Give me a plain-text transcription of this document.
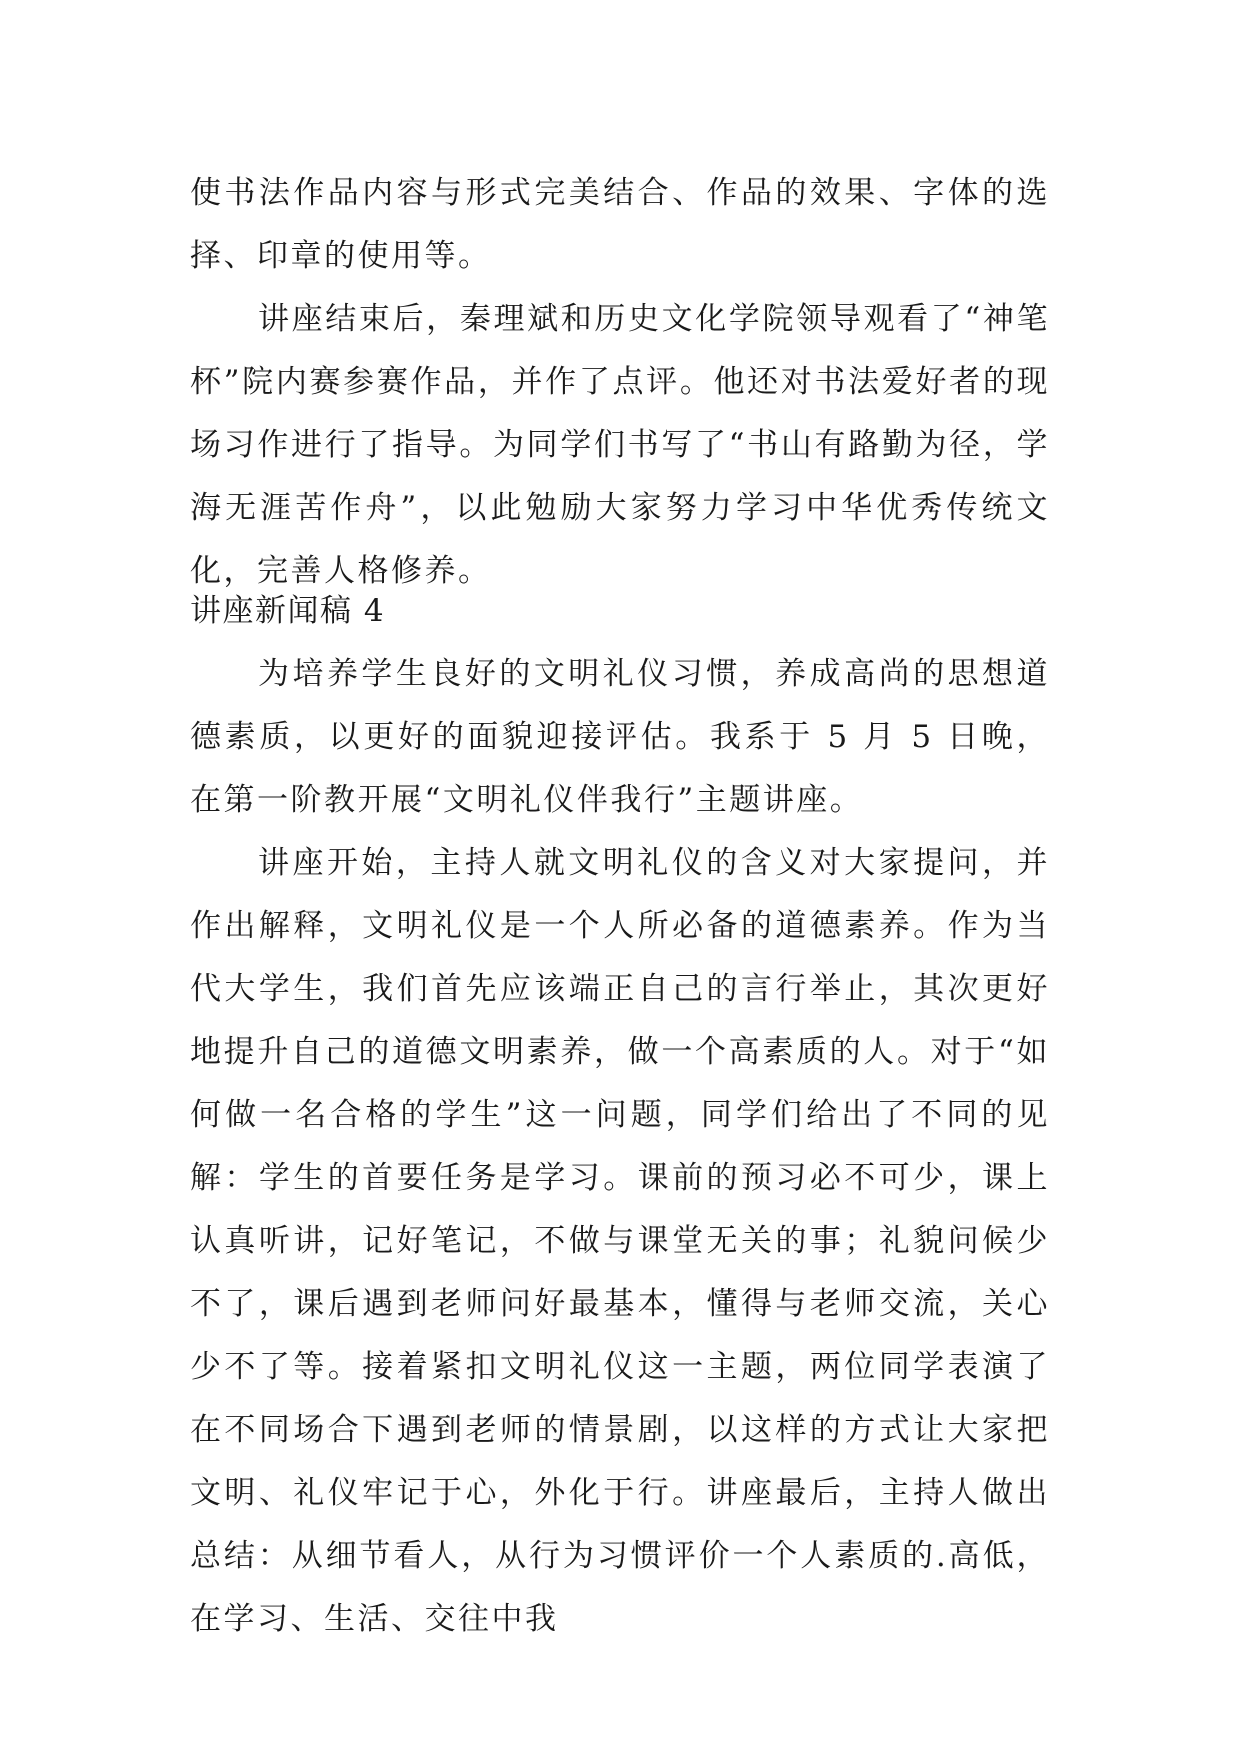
使书法作品内容与形式完美结合、作品的效果、字体的选择、印章的使用等。

讲座结束后，秦理斌和历史文化学院领导观看了“神笔杯”院内赛参赛作品，并作了点评。他还对书法爱好者的现场习作进行了指导。为同学们书写了“书山有路勤为径，学海无涯苦作舟”，以此勉励大家努力学习中华优秀传统文化，完善人格修养。

讲座新闻稿 4

为培养学生良好的文明礼仪习惯，养成高尚的思想道德素质，以更好的面貌迎接评估。我系于 5 月 5 日晚，在第一阶教开展“文明礼仪伴我行”主题讲座。

讲座开始，主持人就文明礼仪的含义对大家提问，并作出解释，文明礼仪是一个人所必备的道德素养。作为当代大学生，我们首先应该端正自己的言行举止，其次更好地提升自己的道德文明素养，做一个高素质的人。对于“如何做一名合格的学生”这一问题，同学们给出了不同的见解：学生的首要任务是学习。课前的预习必不可少，课上认真听讲，记好笔记，不做与课堂无关的事；礼貌问候少不了，课后遇到老师问好最基本，懂得与老师交流，关心少不了等。接着紧扣文明礼仪这一主题，两位同学表演了在不同场合下遇到老师的情景剧，以这样的方式让大家把文明、礼仪牢记于心，外化于行。讲座最后，主持人做出总结：从细节看人，从行为习惯评价一个人素质的.高低，在学习、生活、交往中我
